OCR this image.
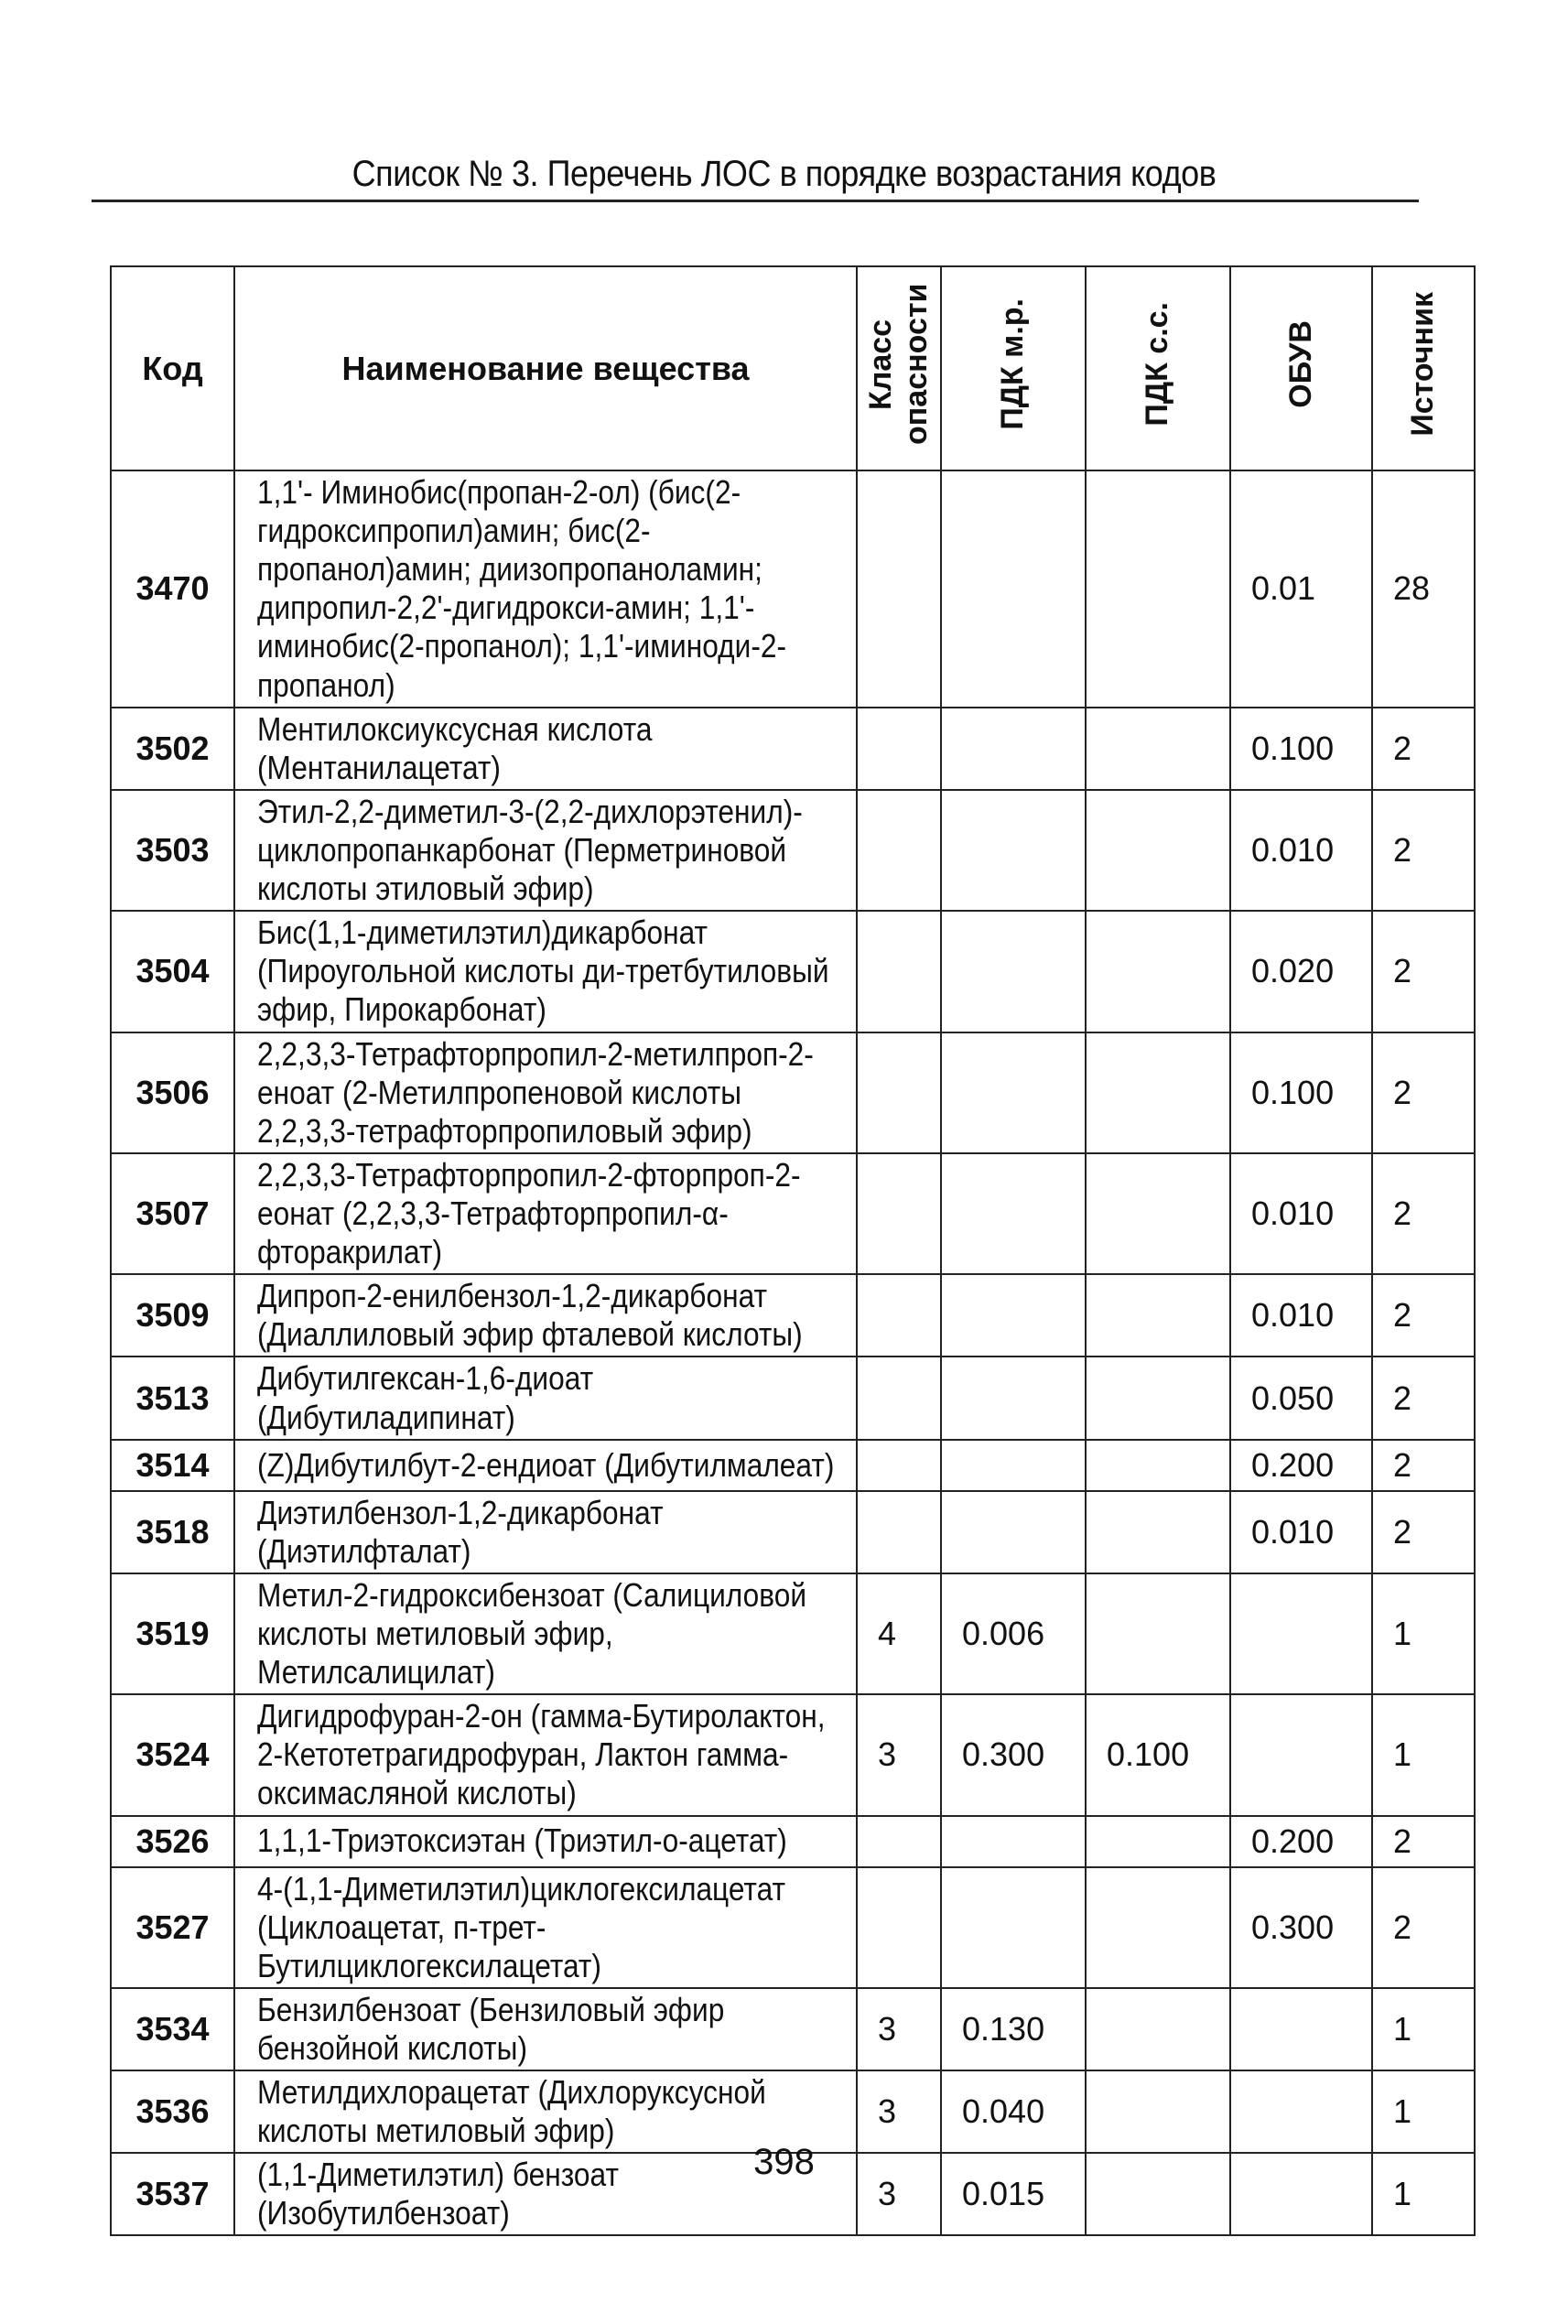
Список № 3. Перечень ЛОС в порядке возрастания кодов
Код	Наименование вещества	Класс опасности	ПДК м.р.	ПДК с.с.	ОБУВ	Источник
3470	1,1'- Иминобис(пропан-2-ол) (бис(2-гидроксипропил)амин; бис(2-пропанол)амин; диизопропаноламин; дипропил-2,2'-дигидрокси-амин; 1,1'-иминобис(2-пропанол); 1,1'-иминоди-2-пропанол)				0.01	28
3502	Ментилоксиуксусная кислота (Ментанилацетат)				0.100	2
3503	Этил-2,2-диметил-3-(2,2-дихлорэтенил)-циклопропанкарбонат (Перметриновой кислоты этиловый эфир)				0.010	2
3504	Бис(1,1-диметилэтил)дикарбонат (Пироугольной кислоты ди-третбутиловый эфир, Пирокарбонат)				0.020	2
3506	2,2,3,3-Тетрафторпропил-2-метилпроп-2-еноат (2-Метилпропеновой кислоты 2,2,3,3-тетрафторпропиловый эфир)				0.100	2
3507	2,2,3,3-Тетрафторпропил-2-фторпроп-2-еонат (2,2,3,3-Тетрафторпропил-α-фторакрилат)				0.010	2
3509	Дипроп-2-енилбензол-1,2-дикарбонат (Диаллиловый эфир фталевой кислоты)				0.010	2
3513	Дибутилгексан-1,6-диоат (Дибутиладипинат)				0.050	2
3514	(Z)Дибутилбут-2-ендиоат (Дибутилмалеат)				0.200	2
3518	Диэтилбензол-1,2-дикарбонат (Диэтилфталат)				0.010	2
3519	Метил-2-гидроксибензоат (Салициловой кислоты метиловый эфир, Метилсалицилат)	4	0.006			1
3524	Дигидрофуран-2-он (гамма-Бутиролактон, 2-Кетотетрагидрофуран, Лактон гамма-оксимасляной кислоты)	3	0.300	0.100		1
3526	1,1,1-Триэтоксиэтан (Триэтил-о-ацетат)				0.200	2
3527	4-(1,1-Диметилэтил)циклогексилацетат (Циклоацетат, п-трет-Бутилциклогексилацетат)				0.300	2
3534	Бензилбензоат (Бензиловый эфир бензойной кислоты)	3	0.130			1
3536	Метилдихлорацетат (Дихлоруксусной кислоты метиловый эфир)	3	0.040			1
3537	(1,1-Диметилэтил) бензоат (Изобутилбензоат)	3	0.015			1
398
